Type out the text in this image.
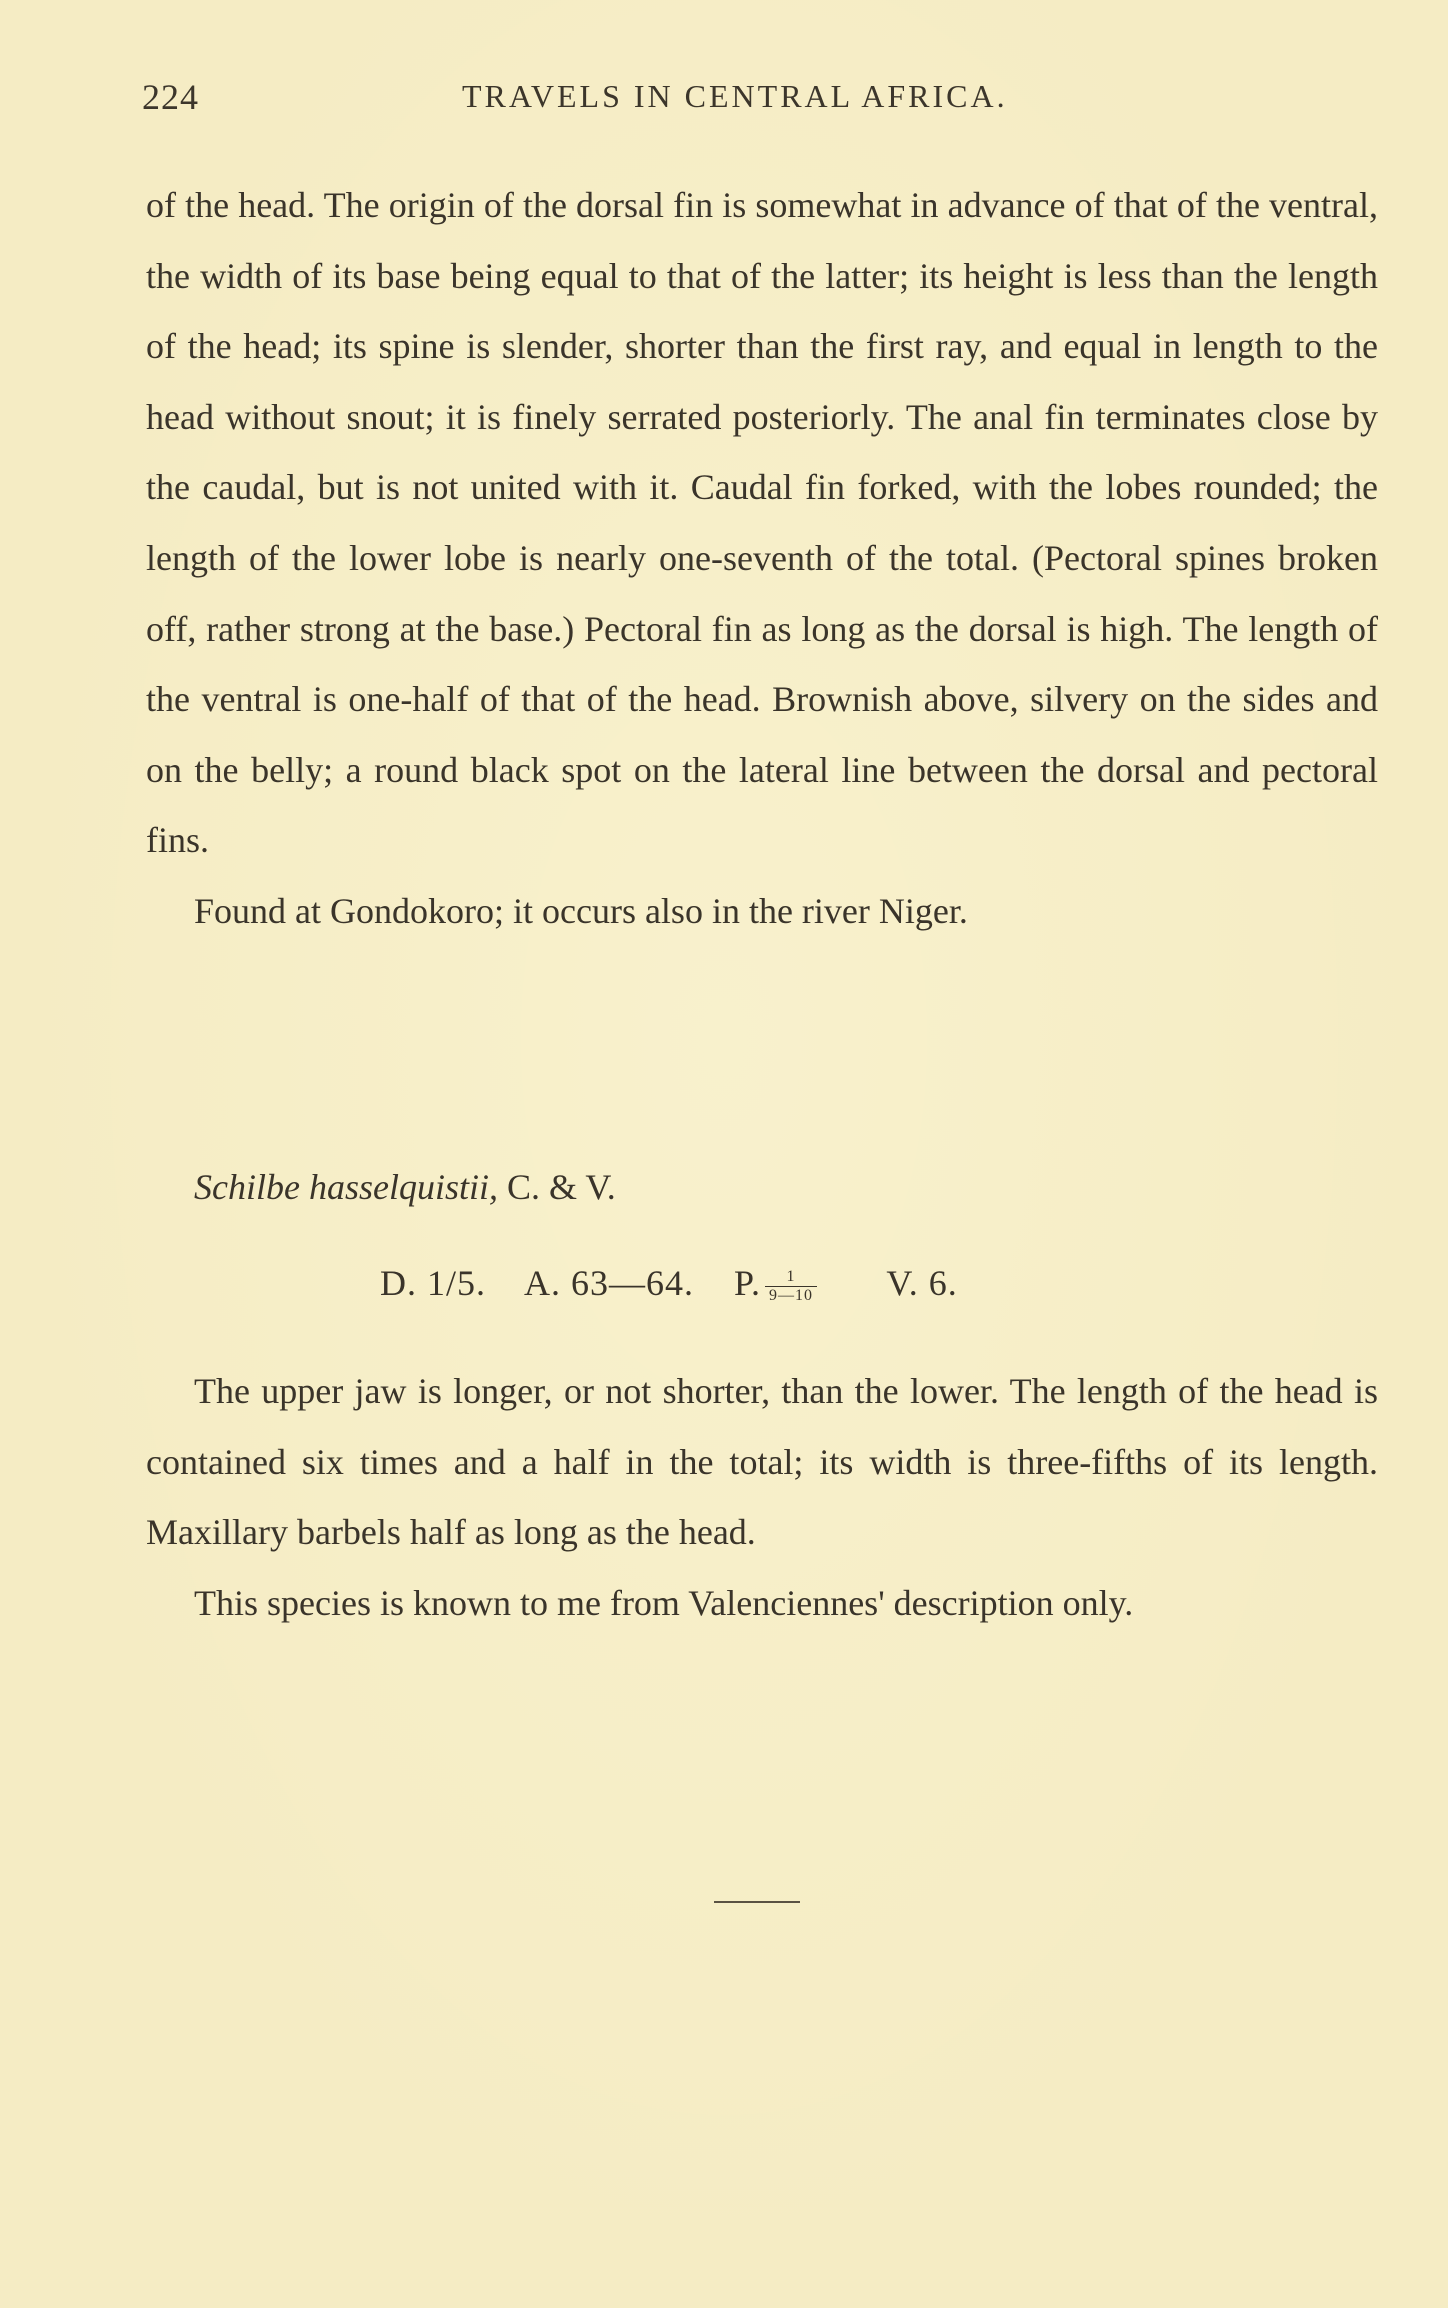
224	TRAVELS IN CENTRAL AFRICA.

of the head. The origin of the dorsal fin is somewhat in advance of that of the ventral, the width of its base being equal to that of the latter; its height is less than the length of the head; its spine is slender, shorter than the first ray, and equal in length to the head without snout; it is finely serrated posteriorly. The anal fin terminates close by the caudal, but is not united with it. Caudal fin forked, with the lobes rounded; the length of the lower lobe is nearly one-seventh of the total. (Pectoral spines broken off, rather strong at the base.) Pectoral fin as long as the dorsal is high. The length of the ventral is one-half of that of the head. Brownish above, silvery on the sides and on the belly; a round black spot on the lateral line between the dorsal and pectoral fins.

Found at Gondokoro; it occurs also in the river Niger.

Schilbe hasselquistii, C. & V.
D. 1/5. A. 63—64. P. $\frac{1}{9—10} V$. 6.

The upper jaw is longer, or not shorter, than the lower. The length of the head is contained six times and a half in the total; its width is three-fifths of its length. Maxillary barbels half as long as the head.

This species is known to me from Valenciennes' description only.
